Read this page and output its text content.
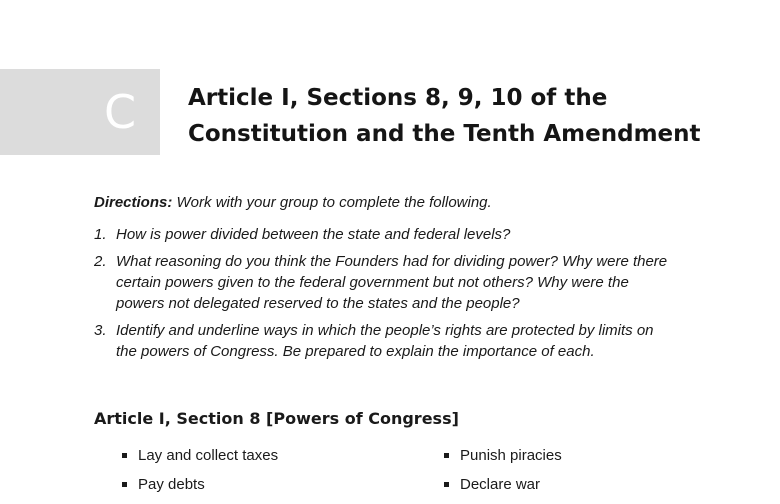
C Article I, Sections 8, 9, 10 of the
Constitution and the Tenth Amendment
Directions: Work with your group to complete the following.
1. How is power divided between the state and federal levels?
2. What reasoning do you think the Founders had for dividing power? Why were there
certain powers given to the federal government but not others? Why were the
powers not delegated reserved to the states and the people?
3. Identify and underline ways in which the people’s rights are protected by limits on
the powers of Congress. Be prepared to explain the importance of each.
Article I, Section 8 [Powers of Congress]
Lay and collect taxes
Pay debts
Punish piracies
Declare war
